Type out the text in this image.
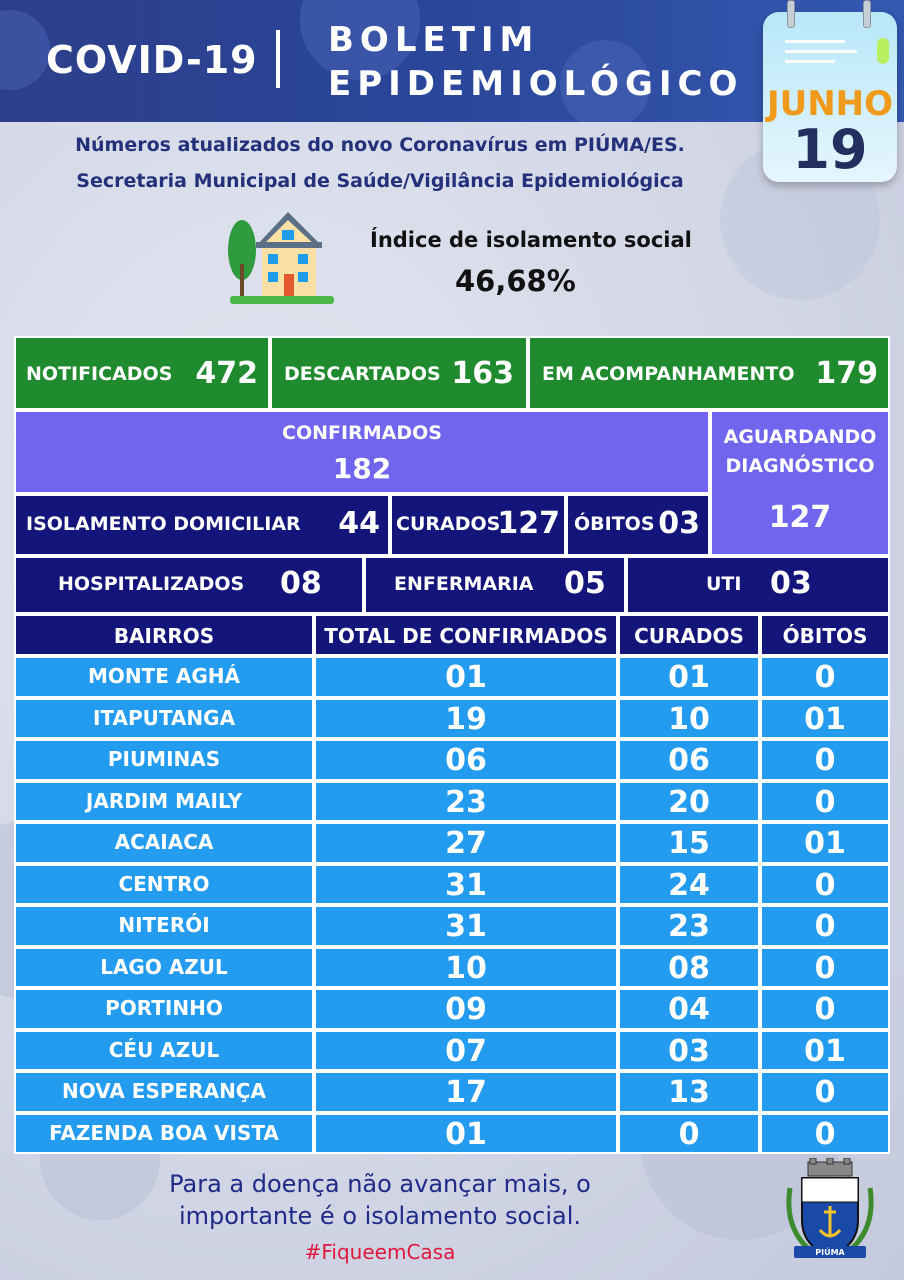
COVID-19 BOLETIM
EPIDEMIOLÓGICO JUNHO
19
Números atualizados do novo Coronavírus em PIÚMA/ES.
Secretaria Municipal de Saúde/Vigilância Epidemiológica
Índice de isolamento social
46,68%
NOTIFICADOS 472 DESCARTADOS 163 EM ACOMPANHAMENTO 179
CONFIRMADOS
182
AGUARDANDO
DIAGNÓSTICO
127
ISOLAMENTO DOMICILIAR 44 CURADOS
127 ÓBITOS 03
HOSPITALIZADOS 08	ENFERMARIA 05	UTI 03
BAIRROS	TOTAL DE CONFIRMADOS	CURADOS	ÓBITOS
MONTE AGHÁ	01	01	0
ITAPUTANGA	19	10	01
PIUMINAS	06	06	0
JARDIM MAILY	23	20	0
ACAIACA	27	15	01
CENTRO	31	24	0
NITERÓI	31	23	0
LAGO AZUL	10	08	0
PORTINHO	09	04	0
CÉU AZUL	07	03	01
NOVA ESPERANÇA	17	13	0
FAZENDA BOA VISTA	01	0	0
Para a doença não avançar mais, o
importante é o isolamento social.
#FiqueemCasa	PIÚMA
